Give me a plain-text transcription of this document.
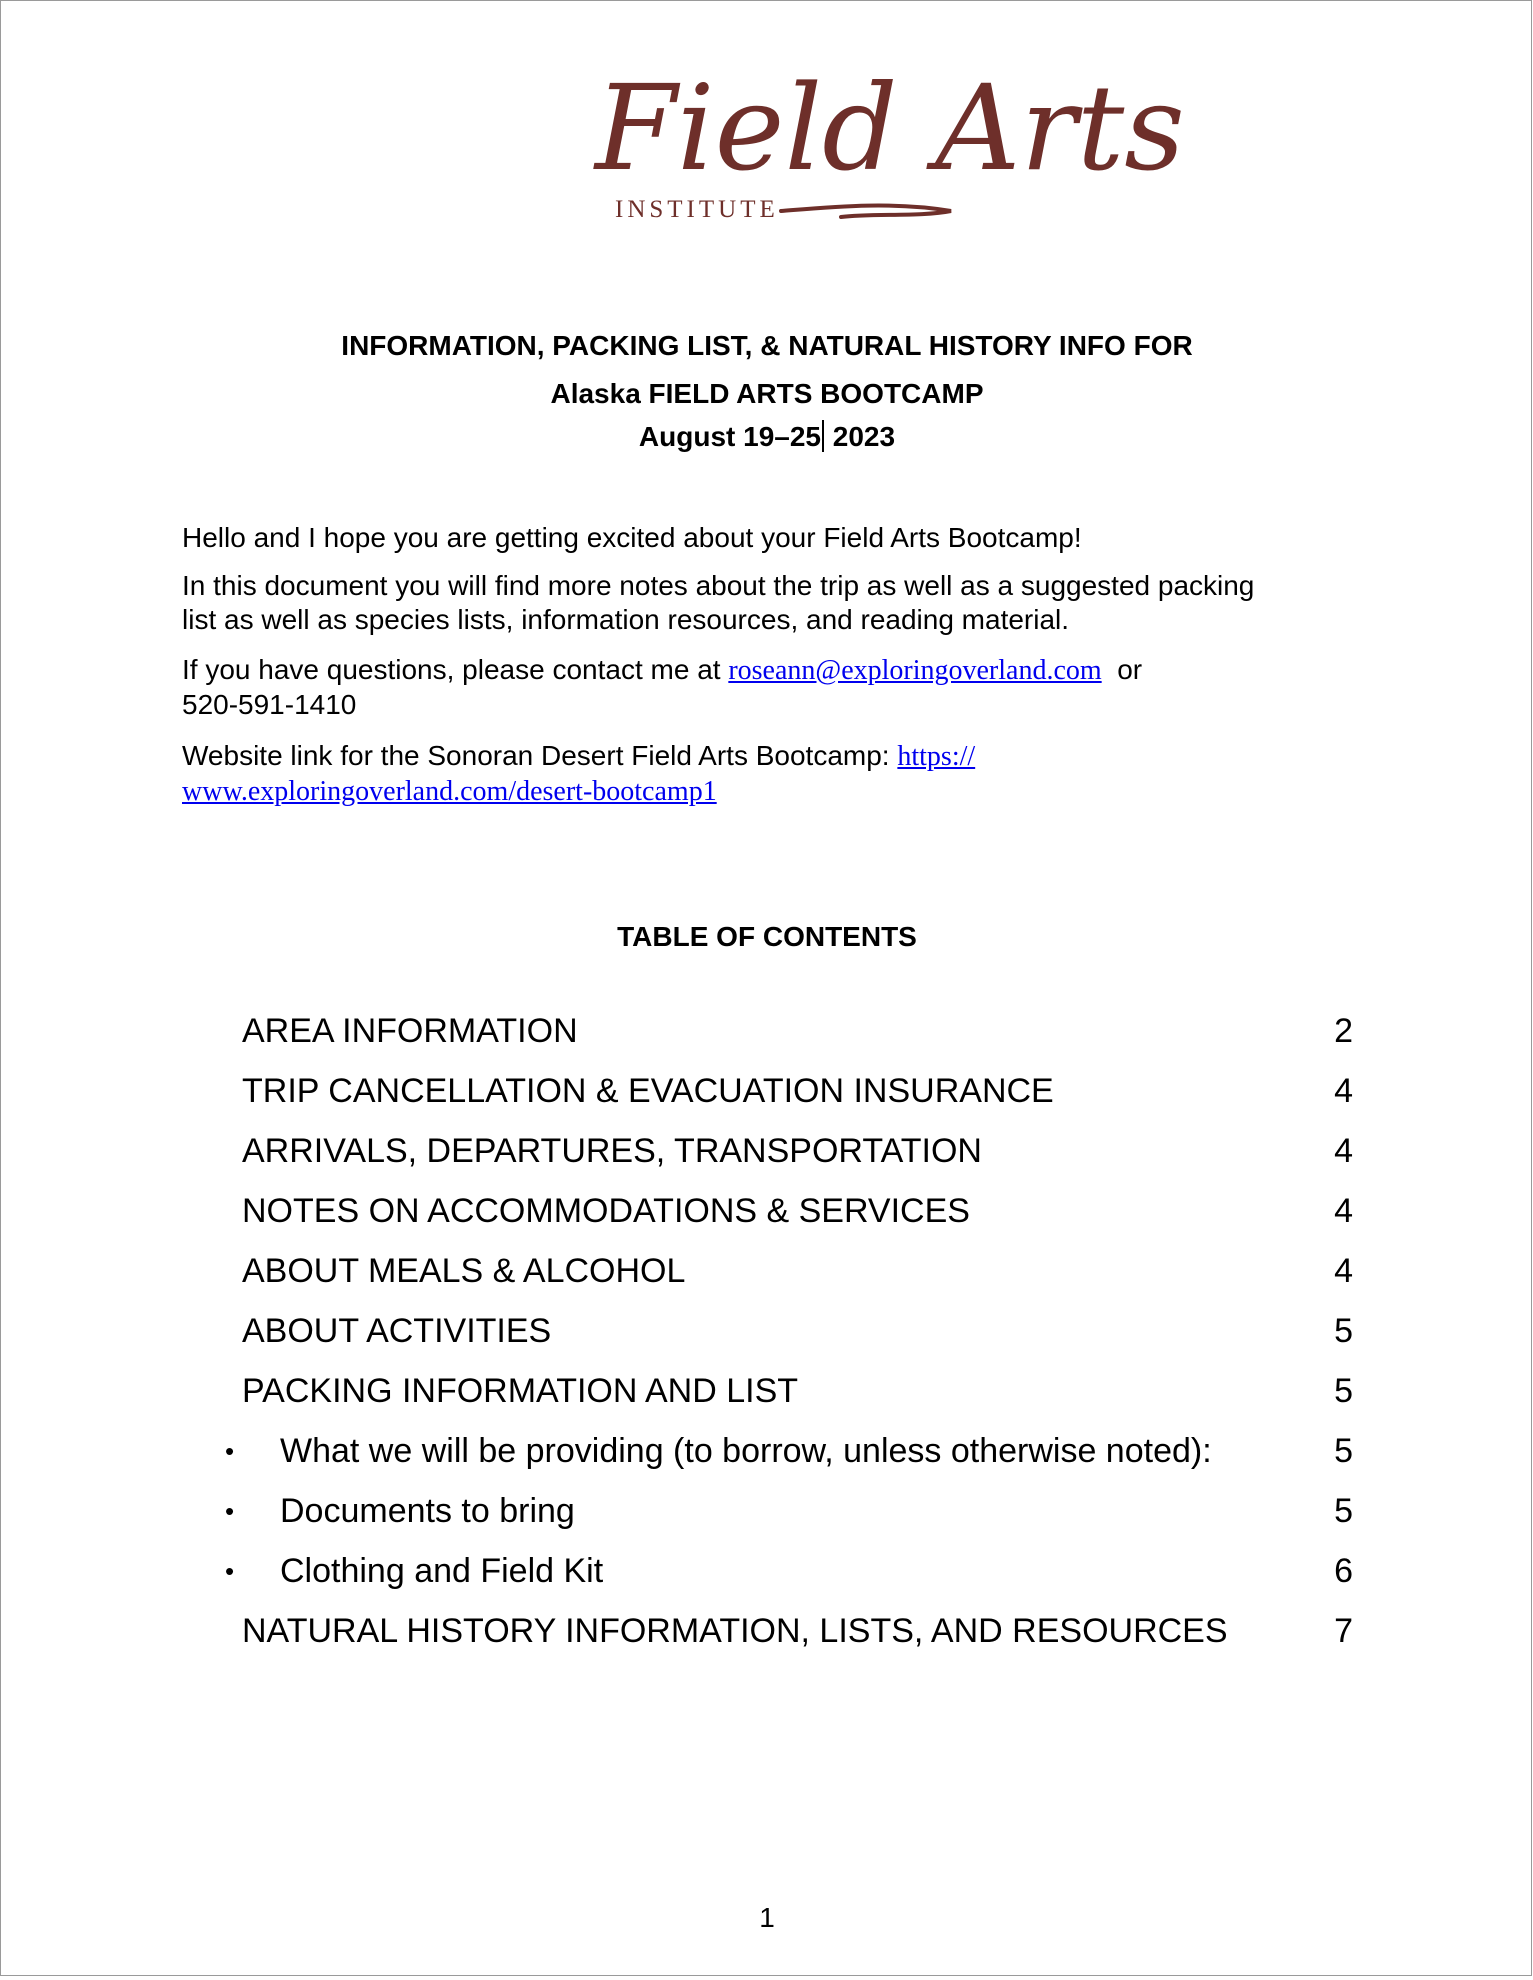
Field Arts
INSTITUTE
INFORMATION, PACKING LIST, & NATURAL HISTORY INFO FOR
Alaska FIELD ARTS BOOTCAMP
August 19–25 2023
Hello and I hope you are getting excited about your Field Arts Bootcamp!
In this document you will find more notes about the trip as well as a suggested packing
list as well as species lists, information resources, and reading material.
If you have questions, please contact me at roseann@exploringoverland.com  or
520-591-1410
Website link for the Sonoran Desert Field Arts Bootcamp: https://
www.exploringoverland.com/desert-bootcamp1
TABLE OF CONTENTS
AREA INFORMATION	2
TRIP CANCELLATION & EVACUATION INSURANCE	4
ARRIVALS, DEPARTURES, TRANSPORTATION	4
NOTES ON ACCOMMODATIONS & SERVICES	4
ABOUT MEALS & ALCOHOL	4
ABOUT ACTIVITIES	5
PACKING INFORMATION AND LIST	5
• What we will be providing (to borrow, unless otherwise noted):	5
• Documents to bring	5
• Clothing and Field Kit	6
NATURAL HISTORY INFORMATION, LISTS, AND RESOURCES	7
1
